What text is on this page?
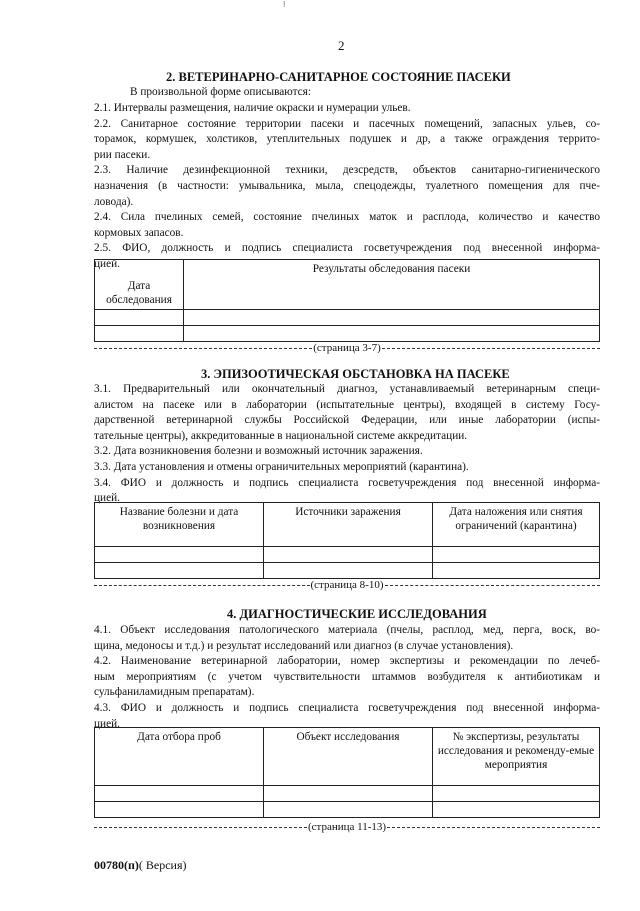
ⵑ
2
2. ВЕТЕРИНАРНО-САНИТАРНОЕ СОСТОЯНИЕ ПАСЕКИ
В произвольной форме описываются:
2.1. Интервалы размещения, наличие окраски и нумерации ульев.
2.2. Санитарное состояние территории пасеки и пасечных помещений, запасных ульев, со-
тoрамок, кормушек, холстиков, утеплительных подушек и др, а также ограждения террито-
рии пасеки.
2.3. Наличие дезинфекционной техники, дезсредств, объектов санитарно-гигиенического
назначения (в частности: умывальника, мыла, спецодежды, туалетного помещения для пче-
ловода).
2.4. Сила пчелиных семей, состояние пчелиных маток и расплода, количество и качество
кормовых запасов.
2.5. ФИО, должность и подпись специалиста госветучреждения под внесенной информа-
цией.
Дата обследования	Результаты обследования пасеки

(страница 3-7)
3. ЭПИЗООТИЧЕСКАЯ ОБСТАНОВКА НА ПАСЕКЕ
3.1. Предварительный или окончательный диагноз, устанавливаемый ветеринарным специ-
алистом на пасеке или в лаборатории (испытательные центры), входящей в систему Госу-
дарственной ветеринарной службы Российской Федерации, или иные лаборатории (испы-
тательные центры), аккредитованные в национальной системе аккредитации.
3.2. Дата возникновения болезни и возможный источник заражения.
3.3. Дата установления и отмены ограничительных мероприятий (карантина).
3.4. ФИО и должность и подпись специалиста госветучреждения под внесенной информа-
цией.
Название болезни и дата возникновения	Источники заражения	Дата наложения или снятия ограничений (карантина)

(страница 8-10)
4. ДИАГНОСТИЧЕСКИЕ ИССЛЕДОВАНИЯ
4.1. Объект исследования патологического материала (пчелы, расплод, мед, перга, воск, во-
щина, медоносы и т.д.) и результат исследований или диагноз (в случае установления).
4.2. Наименование ветеринарной лаборатории, номер экспертизы и рекомендации по лечеб-
ным мероприятиям (с учетом чувствительности штаммов возбудителя к антибиотикам и
сульфаниламидным препаратам).
4.3. ФИО и должность и подпись специалиста госветучреждения под внесенной информа-
цией.
Дата отбора проб	Объект исследования	№ экспертизы, результаты исследования и рекоменду-емые мероприятия

(страница 11-13)
00780(п)( Версия)
